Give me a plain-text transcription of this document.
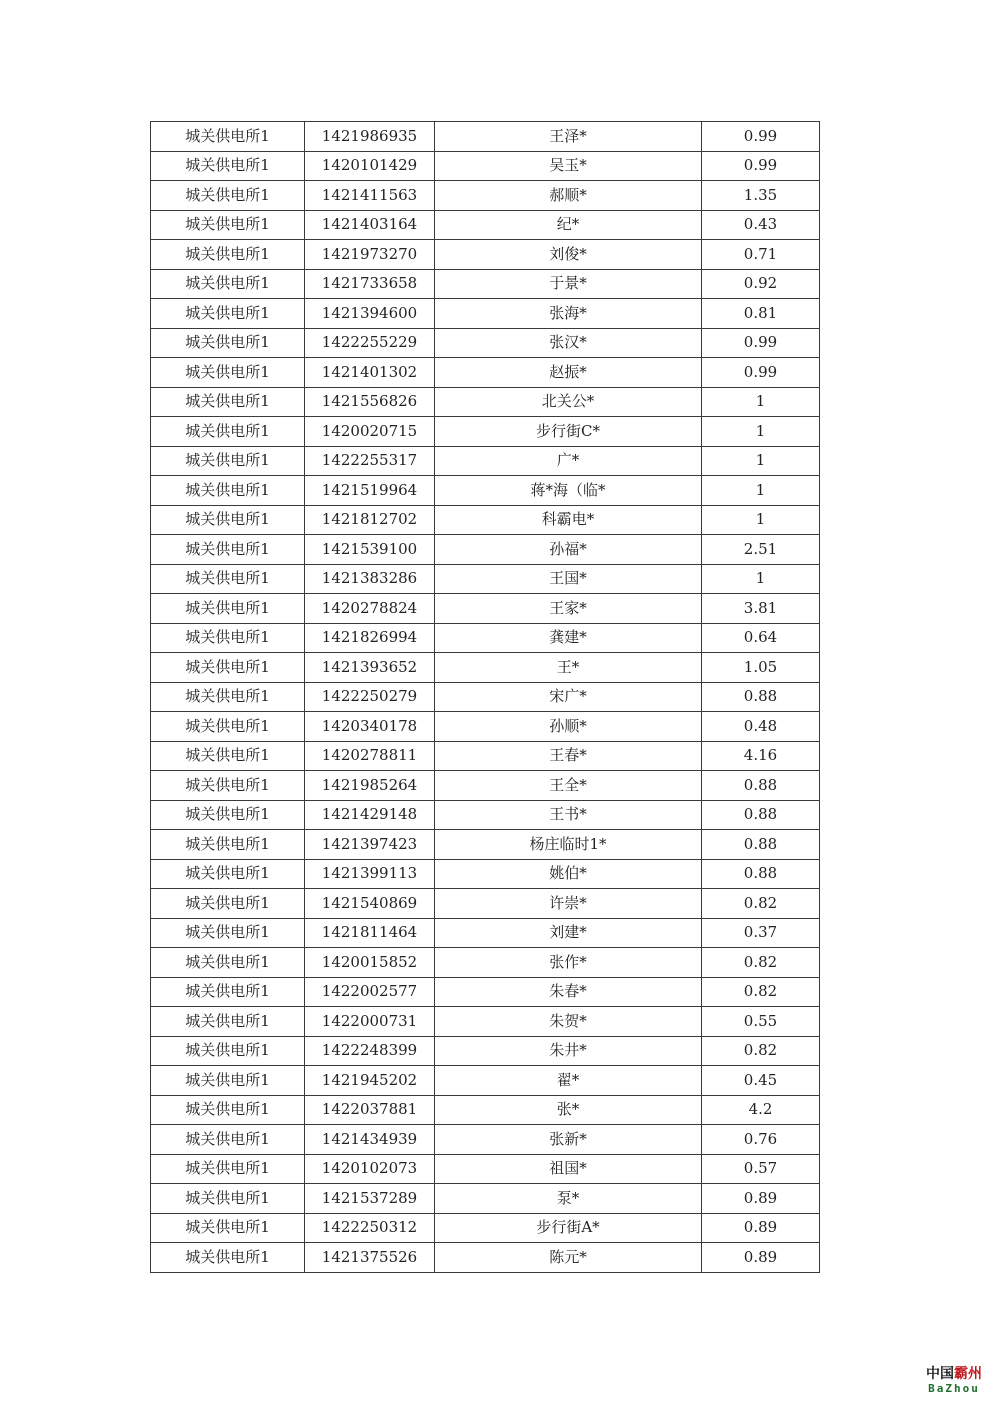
城关供电所1	1421986935	王泽*	0.99
城关供电所1	1420101429	吴玉*	0.99
城关供电所1	1421411563	郝顺*	1.35
城关供电所1	1421403164	纪*	0.43
城关供电所1	1421973270	刘俊*	0.71
城关供电所1	1421733658	于景*	0.92
城关供电所1	1421394600	张海*	0.81
城关供电所1	1422255229	张汉*	0.99
城关供电所1	1421401302	赵振*	0.99
城关供电所1	1421556826	北关公*	1
城关供电所1	1420020715	步行街C*	1
城关供电所1	1422255317	广*	1
城关供电所1	1421519964	蒋*海（临*	1
城关供电所1	1421812702	科霸电*	1
城关供电所1	1421539100	孙福*	2.51
城关供电所1	1421383286	王国*	1
城关供电所1	1420278824	王家*	3.81
城关供电所1	1421826994	龚建*	0.64
城关供电所1	1421393652	王*	1.05
城关供电所1	1422250279	宋广*	0.88
城关供电所1	1420340178	孙顺*	0.48
城关供电所1	1420278811	王春*	4.16
城关供电所1	1421985264	王全*	0.88
城关供电所1	1421429148	王书*	0.88
城关供电所1	1421397423	杨庄临时1*	0.88
城关供电所1	1421399113	姚伯*	0.88
城关供电所1	1421540869	许崇*	0.82
城关供电所1	1421811464	刘建*	0.37
城关供电所1	1420015852	张作*	0.82
城关供电所1	1422002577	朱春*	0.82
城关供电所1	1422000731	朱贺*	0.55
城关供电所1	1422248399	朱井*	0.82
城关供电所1	1421945202	翟*	0.45
城关供电所1	1422037881	张*	4.2
城关供电所1	1421434939	张新*	0.76
城关供电所1	1420102073	祖国*	0.57
城关供电所1	1421537289	泵*	0.89
城关供电所1	1422250312	步行街A*	0.89
城关供电所1	1421375526	陈元*	0.89
中国霸州
BaZhou
